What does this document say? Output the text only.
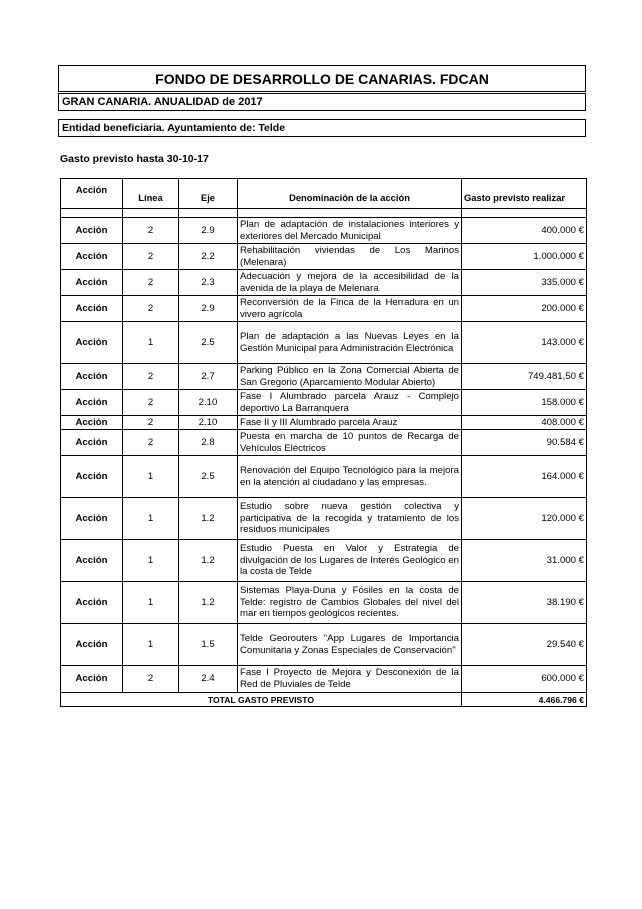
FONDO DE DESARROLLO DE CANARIAS. FDCAN
GRAN CANARIA. ANUALIDAD de 2017
Entidad beneficiaria. Ayuntamiento de: Telde
Gasto previsto hasta 30-10-17
Acción	Línea	Eje	Denominación de la acción	Gasto previsto realizar

Acción	2	2.9	Plan de adaptación de instalaciones interiores y exteriores del Mercado Municipal	400.000 €
Acción	2	2.2	Rehabilitación viviendas de Los Marinos (Melenara)	1.000.000 €
Acción	2	2.3	Adecuación y mejora de la accesibilidad de la avenida de la playa de Melenara	335.000 €
Acción	2	2.9	Reconversión de la Finca de la Herradura en un vivero agrícola	200.000 €
Acción	1	2.5	Plan de adaptación a las Nuevas Leyes en la Gestión Municipal para Administración Electrónica	143.000 €
Acción	2	2.7	Parking Público en la Zona Comercial Abierta de San Gregorio (Aparcamiento Modular Abierto)	749.481,50 €
Acción	2	2.10	Fase I Alumbrado parcela Arauz - Complejo deportivo La Barranquera	158.000 €
Acción	2	2.10	Fase II y III Alumbrado parcela Arauz	408.000 €
Acción	2	2.8	Puesta en marcha de 10 puntos de Recarga de Vehículos Eléctricos	90.584 €
Acción	1	2.5	Renovación del Equipo Tecnológico para la mejora en la atención al ciudadano y las empresas.	164.000 €
Acción	1	1.2	Estudio sobre nueva gestión colectiva y participativa de la recogida y tratamiento de los residuos municipales	120.000 €
Acción	1	1.2	Estudio Puesta en Valor y Estrategia de divulgación de los Lugares de Interés Geológico en la costa de Telde	31.000 €
Acción	1	1.2	Sistemas Playa-Duna y Fósiles en la costa de Telde: registro de Cambios Globales del nivel del mar en tiempos geológicos recientes.	38.190 €
Acción	1	1.5	Telde Georouters "App Lugares de Importancia Comunitaria y Zonas Especiales de Conservación"	29.540 €
Acción	2	2.4	Fase I Proyecto de Mejora y Desconexión de la Red de Pluviales de Telde	600.000 €
TOTAL GASTO PREVISTO				4.466.796 €
